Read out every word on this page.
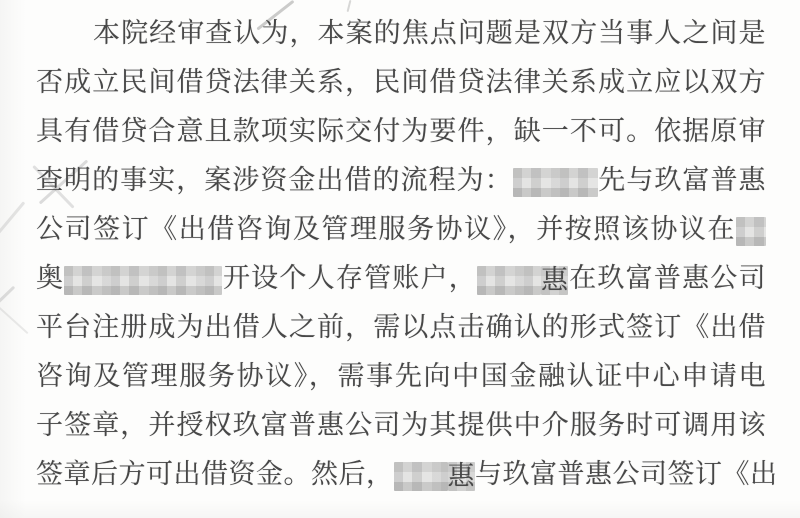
本院经审查认为，本案的焦点问题是双方当事人之间是
否成立民间借贷法律关系，民间借贷法律关系成立应以双方
具有借贷合意且款项实际交付为要件，缺一不可。依据原审
查明的事实，案涉资金出借的流程为：	先与玖富普惠
公司签订《出借咨询及管理服务协议》，并按照该协议在
奥	开设个人存管账户， 惠在玖富普惠公司
平台注册成为出借人之前，需以点击确认的形式签订《出借
咨询及管理服务协议》，需事先向中国金融认证中心申请电
子签章，并授权玖富普惠公司为其提供中介服务时可调用该
签章后方可出借资金。然后， 惠与玖富普惠公司签订《出
